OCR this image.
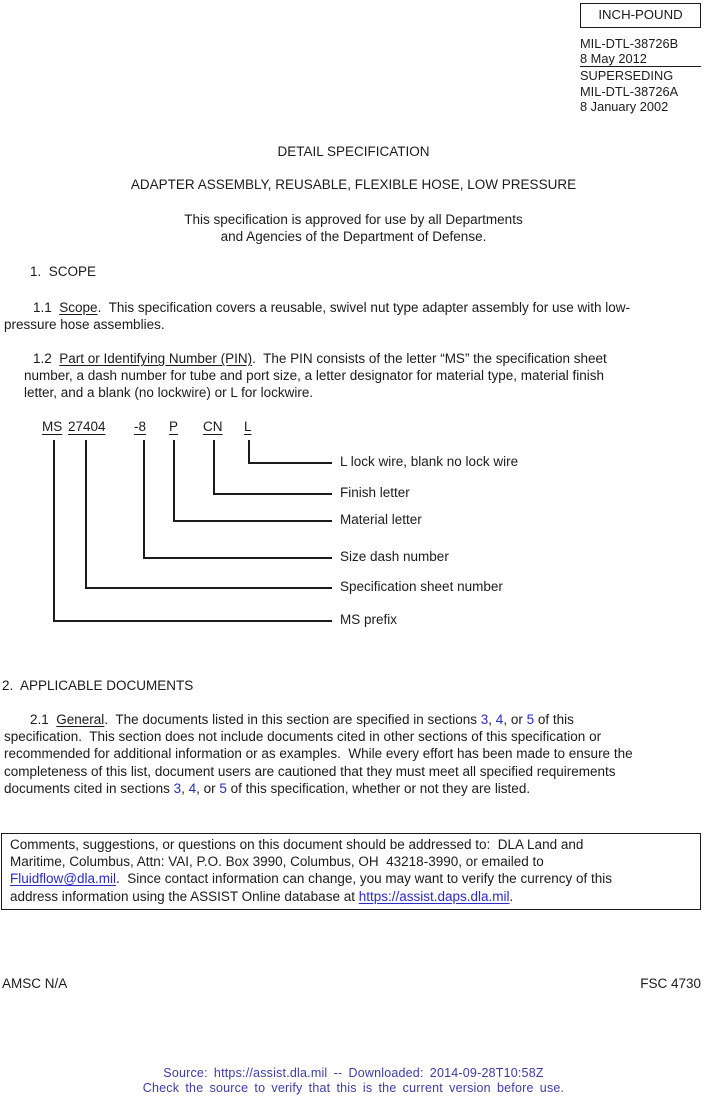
INCH-POUND
MIL-DTL-38726B
8 May 2012
SUPERSEDING
MIL-DTL-38726A
8 January 2002
DETAIL SPECIFICATION
ADAPTER ASSEMBLY, REUSABLE, FLEXIBLE HOSE, LOW PRESSURE
This specification is approved for use by all Departments
and Agencies of the Department of Defense.
1.  SCOPE
1.1  Scope.  This specification covers a reusable, swivel nut type adapter assembly for use with low-
pressure hose assemblies.
1.2  Part or Identifying Number (PIN).  The PIN consists of the letter “MS” the specification sheet
number, a dash number for tube and port size, a letter designator for material type, material finish
letter, and a blank (no lockwire) or L for lockwire.
MS
MS prefix
27404
Specification sheet number
-8
Size dash number
P
Material letter
CN
Finish letter
L
L lock wire, blank no lock wire
2.  APPLICABLE DOCUMENTS
2.1  General.  The documents listed in this section are specified in sections 3, 4, or 5 of this
specification.  This section does not include documents cited in other sections of this specification or
recommended for additional information or as examples.  While every effort has been made to ensure the
completeness of this list, document users are cautioned that they must meet all specified requirements
documents cited in sections 3, 4, or 5 of this specification, whether or not they are listed.
Comments, suggestions, or questions on this document should be addressed to:  DLA Land and
Maritime, Columbus, Attn: VAI, P.O. Box 3990, Columbus, OH  43218-3990, or emailed to
Fluidflow@dla.mil.  Since contact information can change, you may want to verify the currency of this
address information using the ASSIST Online database at https://assist.daps.dla.mil.
AMSC N/A	FSC 4730
Source: https://assist.dla.mil -- Downloaded: 2014-09-28T10:58Z
Check the source to verify that this is the current version before use.
